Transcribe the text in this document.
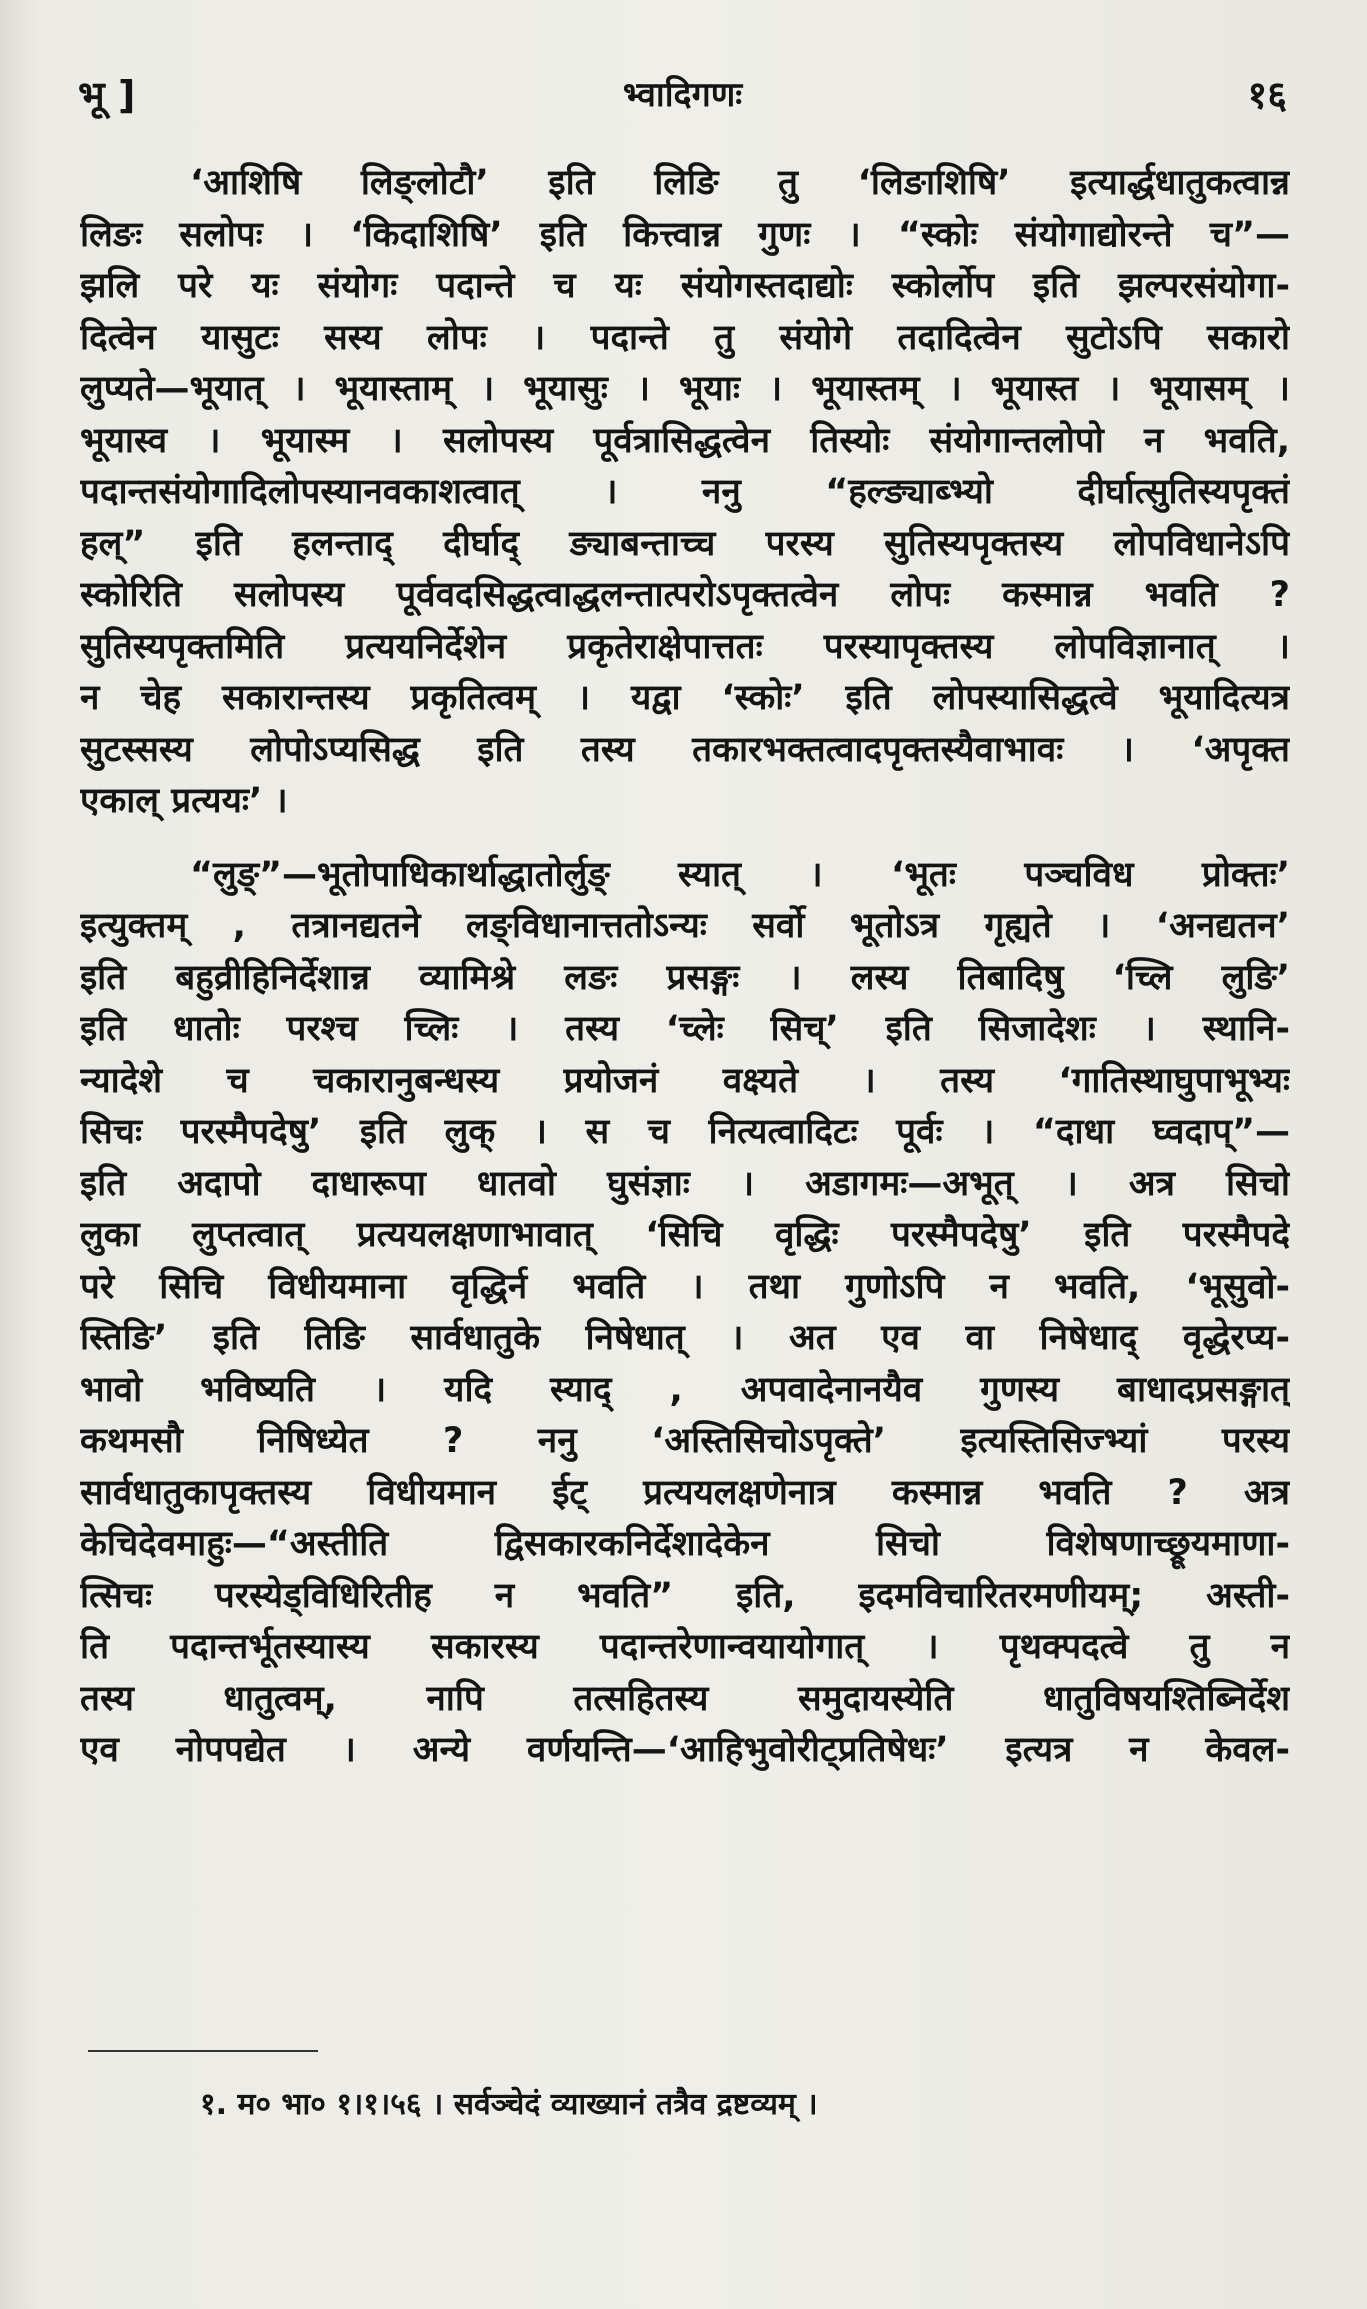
भू ]	भ्वादिगणः	१६
‘आशिषि लिङ्लोटौ’ इति लिङि तु ‘लिङाशिषि’ इत्यार्द्धधातुकत्वान्न
लिङः सलोपः । ‘किदाशिषि’ इति कित्त्वान्न गुणः । “स्कोः संयोगाद्योरन्ते च”—
झलि परे यः संयोगः पदान्ते च यः संयोगस्तदाद्योः स्कोर्लोप इति झल्परसंयोगा-
दित्वेन यासुटः सस्य लोपः । पदान्ते तु संयोगे तदादित्वेन सुटोऽपि सकारो
लुप्यते—भूयात् । भूयास्ताम् । भूयासुः । भूयाः । भूयास्तम् । भूयास्त । भूयासम् ।
भूयास्व । भूयास्म । सलोपस्य पूर्वत्रासिद्धत्वेन तिस्योः संयोगान्तलोपो न भवति,
पदान्तसंयोगादिलोपस्यानवकाशत्वात् । ननु “हल्ङ्याब्भ्यो दीर्घात्सुतिस्यपृक्तं
हल्” इति हलन्ताद् दीर्घाद् ङ्याबन्ताच्च परस्य सुतिस्यपृक्तस्य लोपविधानेऽपि
स्कोरिति सलोपस्य पूर्ववदसिद्धत्वाद्धलन्तात्परोऽपृक्तत्वेन लोपः कस्मान्न भवति ?
सुतिस्यपृक्तमिति प्रत्ययनिर्देशेन प्रकृतेराक्षेपात्ततः परस्यापृक्तस्य लोपविज्ञानात् ।
न चेह सकारान्तस्य प्रकृतित्वम् । यद्वा ‘स्कोः’ इति लोपस्यासिद्धत्वे भूयादित्यत्र
सुटस्सस्य लोपोऽप्यसिद्ध इति तस्य तकारभक्तत्वादपृक्तस्यैवाभावः । ‘अपृक्त
एकाल् प्रत्ययः’ ।
“लुङ्”—भूतोपाधिकार्थाद्धातोर्लुङ् स्यात् । ‘भूतः पञ्चविध प्रोक्तः’
इत्युक्तम् , तत्रानद्यतने लङ्विधानात्ततोऽन्यः सर्वो भूतोऽत्र गृह्यते । ‘अनद्यतन’
इति बहुव्रीहिनिर्देशान्न व्यामिश्रे लङः प्रसङ्गः । लस्य तिबादिषु ‘च्लि लुङि’
इति धातोः परश्च च्लिः । तस्य ‘च्लेः सिच्’ इति सिजादेशः । स्थानि-
न्यादेशे च चकारानुबन्धस्य प्रयोजनं वक्ष्यते । तस्य ‘गातिस्थाघुपाभूभ्यः
सिचः परस्मैपदेषु’ इति लुक् । स च नित्यत्वादिटः पूर्वः । “दाधा घ्वदाप्”—
इति अदापो दाधारूपा धातवो घुसंज्ञाः । अडागमः—अभूत् । अत्र सिचो
लुका लुप्तत्वात् प्रत्ययलक्षणाभावात् ‘सिचि वृद्धिः परस्मैपदेषु’ इति परस्मैपदे
परे सिचि विधीयमाना वृद्धिर्न भवति । तथा गुणोऽपि न भवति, ‘भूसुवो-
स्तिङि’ इति तिङि सार्वधातुके निषेधात् । अत एव वा निषेधाद् वृद्धेरप्य-
भावो भविष्यति । यदि स्याद् , अपवादेनानयैव गुणस्य बाधादप्रसङ्गात्
कथमसौ निषिध्येत ? ननु ‘अस्तिसिचोऽपृक्ते’ इत्यस्तिसिज्भ्यां परस्य
सार्वधातुकापृक्तस्य विधीयमान ईट् प्रत्ययलक्षणेनात्र कस्मान्न भवति ? अत्र
केचिदेवमाहुः—“अस्तीति द्विसकारकनिर्देशादेकेन सिचो विशेषणाच्छ्रूयमाणा-
त्सिचः परस्येड्विधिरितीह न भवति” इति, इदमविचारितरमणीयम्; अस्ती-
ति पदान्तर्भूतस्यास्य सकारस्य पदान्तरेणान्वयायोगात् । पृथक्पदत्वे तु न
तस्य धातुत्वम्, नापि तत्सहितस्य समुदायस्येति धातुविषयश्तिब्निर्देश
एव नोपपद्येत । अन्ये वर्णयन्ति—‘आहिभुवोरीट्प्रतिषेधः’ इत्यत्र न केवल-
१. म० भा० १।१।५६ । सर्वञ्चेदं व्याख्यानं तत्रैव द्रष्टव्यम् ।
